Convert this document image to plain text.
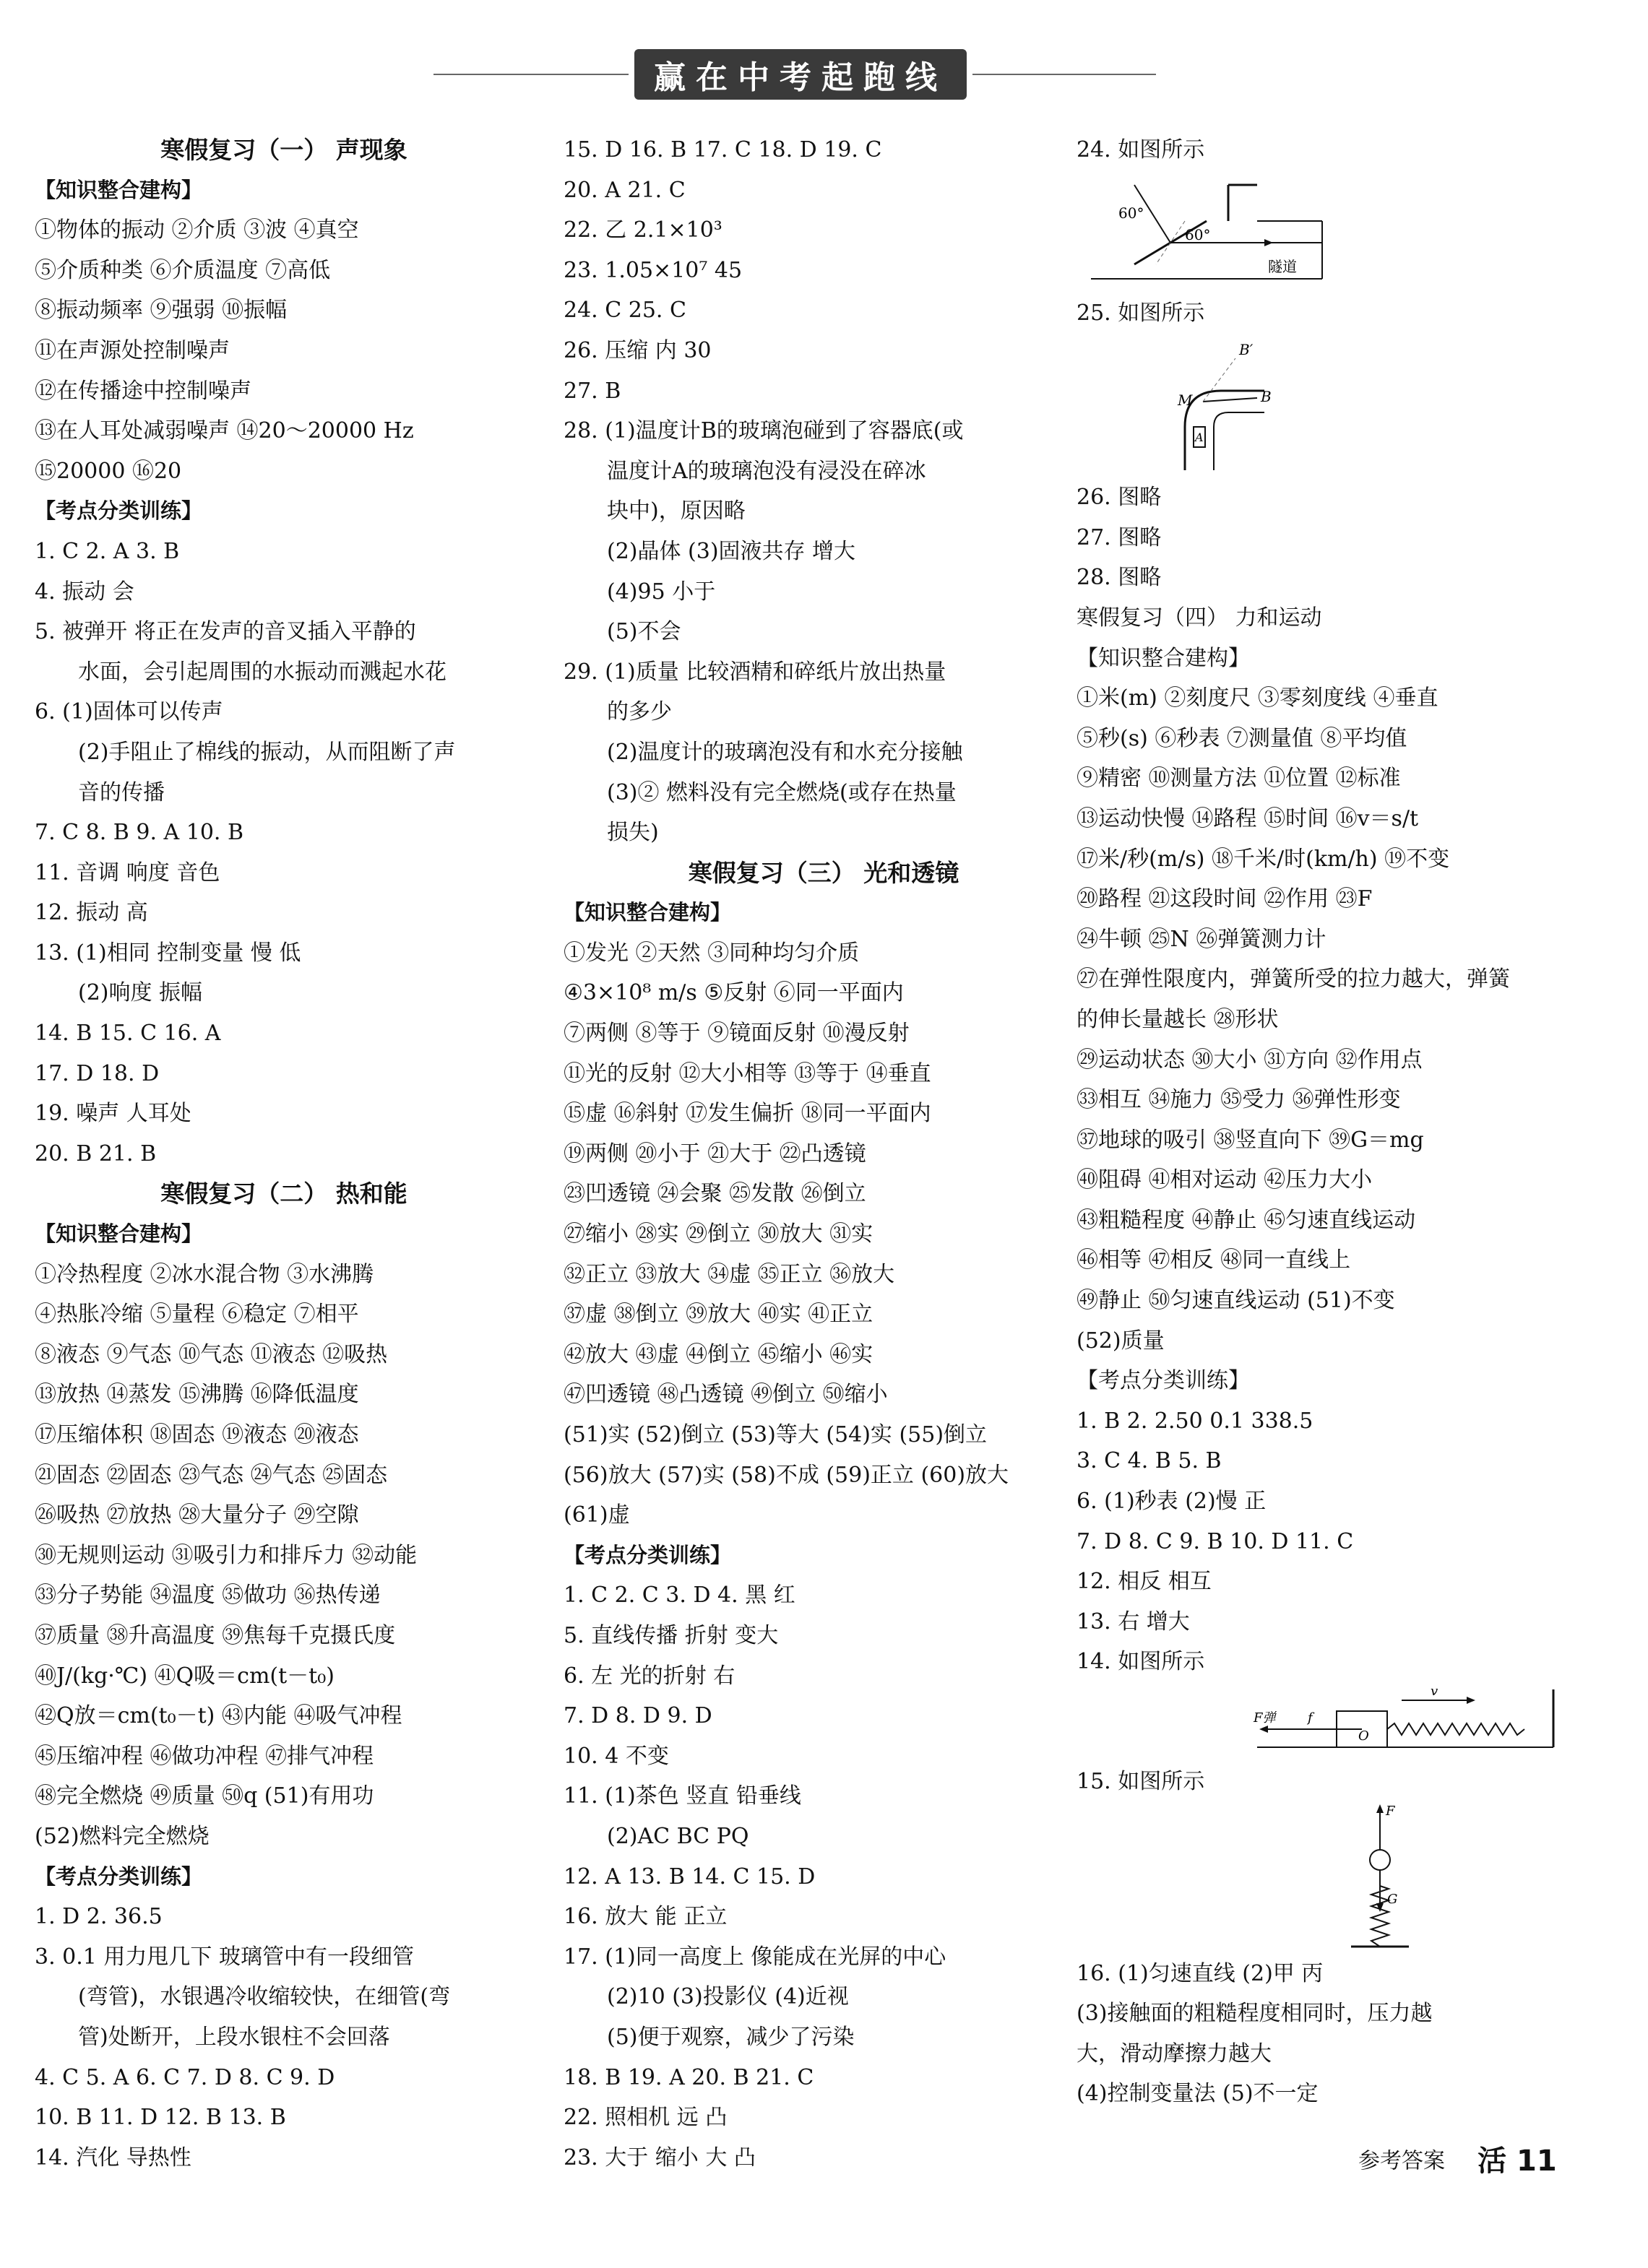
赢在中考起跑线
寒假复习（一） 声现象
【知识整合建构】
①物体的振动 ②介质 ③波 ④真空
⑤介质种类 ⑥介质温度 ⑦高低
⑧振动频率 ⑨强弱 ⑩振幅
⑪在声源处控制噪声
⑫在传播途中控制噪声
⑬在人耳处减弱噪声 ⑭20～20000 Hz
⑮20000 ⑯20
【考点分类训练】
1. C 2. A 3. B
4. 振动 会
5. 被弹开 将正在发声的音叉插入平静的
水面，会引起周围的水振动而溅起水花
6. (1)固体可以传声
(2)手阻止了棉线的振动，从而阻断了声
音的传播
7. C 8. B 9. A 10. B
11. 音调 响度 音色
12. 振动 高
13. (1)相同 控制变量 慢 低
(2)响度 振幅
14. B 15. C 16. A
17. D 18. D
19. 噪声 人耳处
20. B 21. B
寒假复习（二） 热和能
【知识整合建构】
①冷热程度 ②冰水混合物 ③水沸腾
④热胀冷缩 ⑤量程 ⑥稳定 ⑦相平
⑧液态 ⑨气态 ⑩气态 ⑪液态 ⑫吸热
⑬放热 ⑭蒸发 ⑮沸腾 ⑯降低温度
⑰压缩体积 ⑱固态 ⑲液态 ⑳液态
㉑固态 ㉒固态 ㉓气态 ㉔气态 ㉕固态
㉖吸热 ㉗放热 ㉘大量分子 ㉙空隙
㉚无规则运动 ㉛吸引力和排斥力 ㉜动能
㉝分子势能 ㉞温度 ㉟做功 ㊱热传递
㊲质量 ㊳升高温度 ㊴焦每千克摄氏度
㊵J/(kg·℃) ㊶Q吸＝cm(t－t₀)
㊷Q放＝cm(t₀－t) ㊸内能 ㊹吸气冲程
㊺压缩冲程 ㊻做功冲程 ㊼排气冲程
㊽完全燃烧 ㊾质量 ㊿q (51)有用功
(52)燃料完全燃烧
【考点分类训练】
1. D 2. 36.5
3. 0.1 用力甩几下 玻璃管中有一段细管
(弯管)，水银遇冷收缩较快，在细管(弯
管)处断开，上段水银柱不会回落
4. C 5. A 6. C 7. D 8. C 9. D
10. B 11. D 12. B 13. B
14. 汽化 导热性
15. D 16. B 17. C 18. D 19. C
20. A 21. C
22. 乙 2.1×10³
23. 1.05×10⁷ 45
24. C 25. C
26. 压缩 内 30
27. B
28. (1)温度计B的玻璃泡碰到了容器底(或
温度计A的玻璃泡没有浸没在碎冰
块中)，原因略
(2)晶体 (3)固液共存 增大
(4)95 小于
(5)不会
29. (1)质量 比较酒精和碎纸片放出热量
的多少
(2)温度计的玻璃泡没有和水充分接触
(3)② 燃料没有完全燃烧(或存在热量
损失)
寒假复习（三） 光和透镜
【知识整合建构】
①发光 ②天然 ③同种均匀介质
④3×10⁸ m/s ⑤反射 ⑥同一平面内
⑦两侧 ⑧等于 ⑨镜面反射 ⑩漫反射
⑪光的反射 ⑫大小相等 ⑬等于 ⑭垂直
⑮虚 ⑯斜射 ⑰发生偏折 ⑱同一平面内
⑲两侧 ⑳小于 ㉑大于 ㉒凸透镜
㉓凹透镜 ㉔会聚 ㉕发散 ㉖倒立
㉗缩小 ㉘实 ㉙倒立 ㉚放大 ㉛实
㉜正立 ㉝放大 ㉞虚 ㉟正立 ㊱放大
㊲虚 ㊳倒立 ㊴放大 ㊵实 ㊶正立
㊷放大 ㊸虚 ㊹倒立 ㊺缩小 ㊻实
㊼凹透镜 ㊽凸透镜 ㊾倒立 ㊿缩小
(51)实 (52)倒立 (53)等大 (54)实 (55)倒立
(56)放大 (57)实 (58)不成 (59)正立 (60)放大
(61)虚
【考点分类训练】
1. C 2. C 3. D 4. 黑 红
5. 直线传播 折射 变大
6. 左 光的折射 右
7. D 8. D 9. D
10. 4 不变
11. (1)茶色 竖直 铅垂线
(2)AC BC PQ
12. A 13. B 14. C 15. D
16. 放大 能 正立
17. (1)同一高度上 像能成在光屏的中心
(2)10 (3)投影仪 (4)近视
(5)便于观察，减少了污染
18. B 19. A 20. B 21. C
22. 照相机 远 凸
23. 大于 缩小 大 凸
24. 如图所示
60°
60°
隧道
25. 如图所示
B′
M	B
A
26. 图略
27. 图略
28. 图略
寒假复习（四） 力和运动
【知识整合建构】
①米(m) ②刻度尺 ③零刻度线 ④垂直
⑤秒(s) ⑥秒表 ⑦测量值 ⑧平均值
⑨精密 ⑩测量方法 ⑪位置 ⑫标准
⑬运动快慢 ⑭路程 ⑮时间 ⑯v＝s/t
⑰米/秒(m/s) ⑱千米/时(km/h) ⑲不变
⑳路程 ㉑这段时间 ㉒作用 ㉓F
㉔牛顿 ㉕N ㉖弹簧测力计
㉗在弹性限度内，弹簧所受的拉力越大，弹簧
的伸长量越长 ㉘形状
㉙运动状态 ㉚大小 ㉛方向 ㉜作用点
㉝相互 ㉞施力 ㉟受力 ㊱弹性形变
㊲地球的吸引 ㊳竖直向下 ㊴G＝mg
㊵阻碍 ㊶相对运动 ㊷压力大小
㊸粗糙程度 ㊹静止 ㊺匀速直线运动
㊻相等 ㊼相反 ㊽同一直线上
㊾静止 ㊿匀速直线运动 (51)不变
(52)质量
【考点分类训练】
1. B 2. 2.50 0.1 338.5
3. C 4. B 5. B
6. (1)秒表 (2)慢 正
7. D 8. C 9. B 10. D 11. C
12. 相反 相互
13. 右 增大
14. 如图所示
F弹 f
v
O
15. 如图所示
F
G
16. (1)匀速直线 (2)甲 丙
(3)接触面的粗糙程度相同时，压力越
大，滑动摩擦力越大
(4)控制变量法 (5)不一定
参考答案 活 11
